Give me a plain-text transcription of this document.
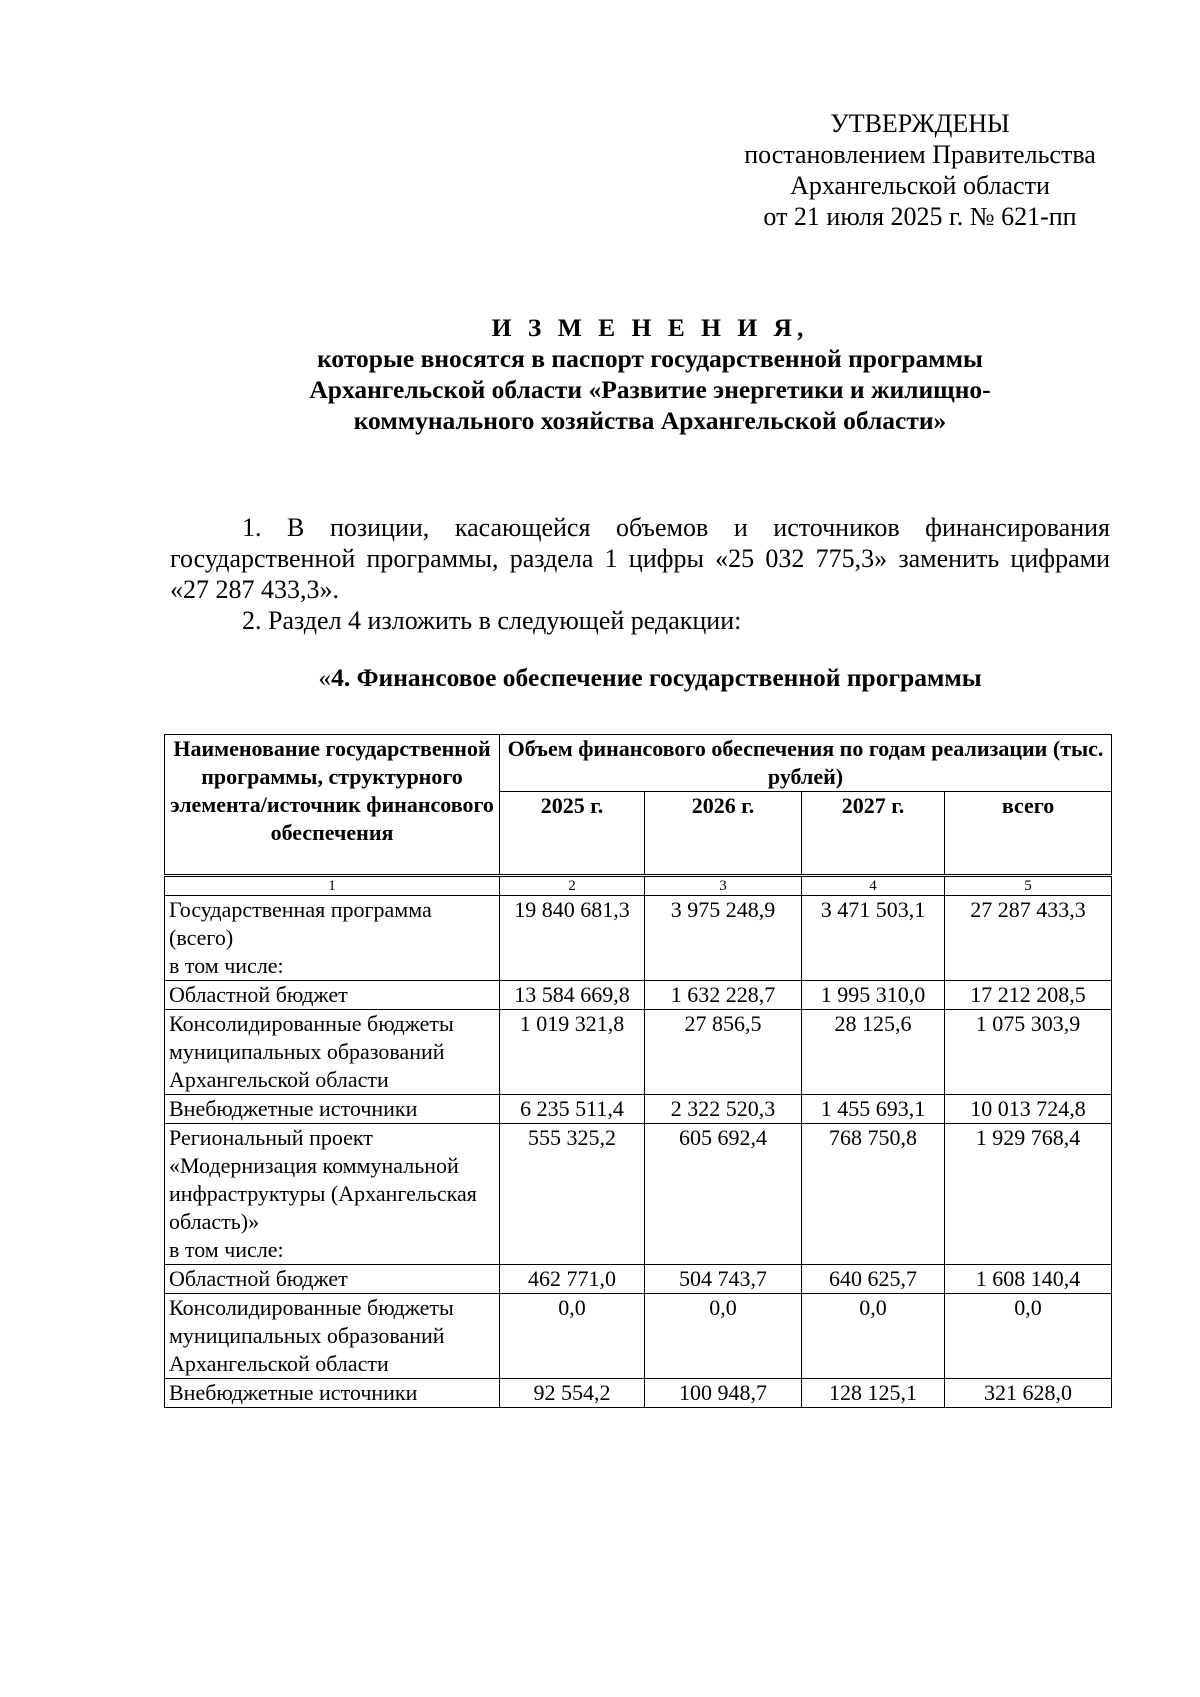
УТВЕРЖДЕНЫ
постановлением Правительства
Архангельской области
от 21 июля 2025 г. № 621-пп
И З М Е Н Е Н И Я,
которые вносятся в паспорт государственной программы
Архангельской области «Развитие энергетики и жилищно-
коммунального хозяйства Архангельской области»
1. В позиции, касающейся объемов и источников финансирования государственной программы, раздела 1 цифры «25 032 775,3» заменить цифрами «27 287 433,3».
2. Раздел 4 изложить в следующей редакции:
«4. Финансовое обеспечение государственной программы
Наименование государственной программы, структурного элемента/источник финансового обеспечения	Объем финансового обеспечения по годам реализации (тыс. рублей)			
	2025 г.	2026 г.	2027 г.	всего
1	2	3	4	5
Государственная программа (всего)
в том числе:	19 840 681,3	3 975 248,9	3 471 503,1	27 287 433,3
Областной бюджет	13 584 669,8	1 632 228,7	1 995 310,0	17 212 208,5
Консолидированные бюджеты муниципальных образований Архангельской области	1 019 321,8	27 856,5	28 125,6	1 075 303,9
Внебюджетные источники	6 235 511,4	2 322 520,3	1 455 693,1	10 013 724,8
Региональный проект «Модернизация коммунальной инфраструктуры (Архангельская область)»
в том числе:	555 325,2	605 692,4	768 750,8	1 929 768,4
Областной бюджет	462 771,0	504 743,7	640 625,7	1 608 140,4
Консолидированные бюджеты муниципальных образований Архангельской области	0,0	0,0	0,0	0,0
Внебюджетные источники	92 554,2	100 948,7	128 125,1	321 628,0
